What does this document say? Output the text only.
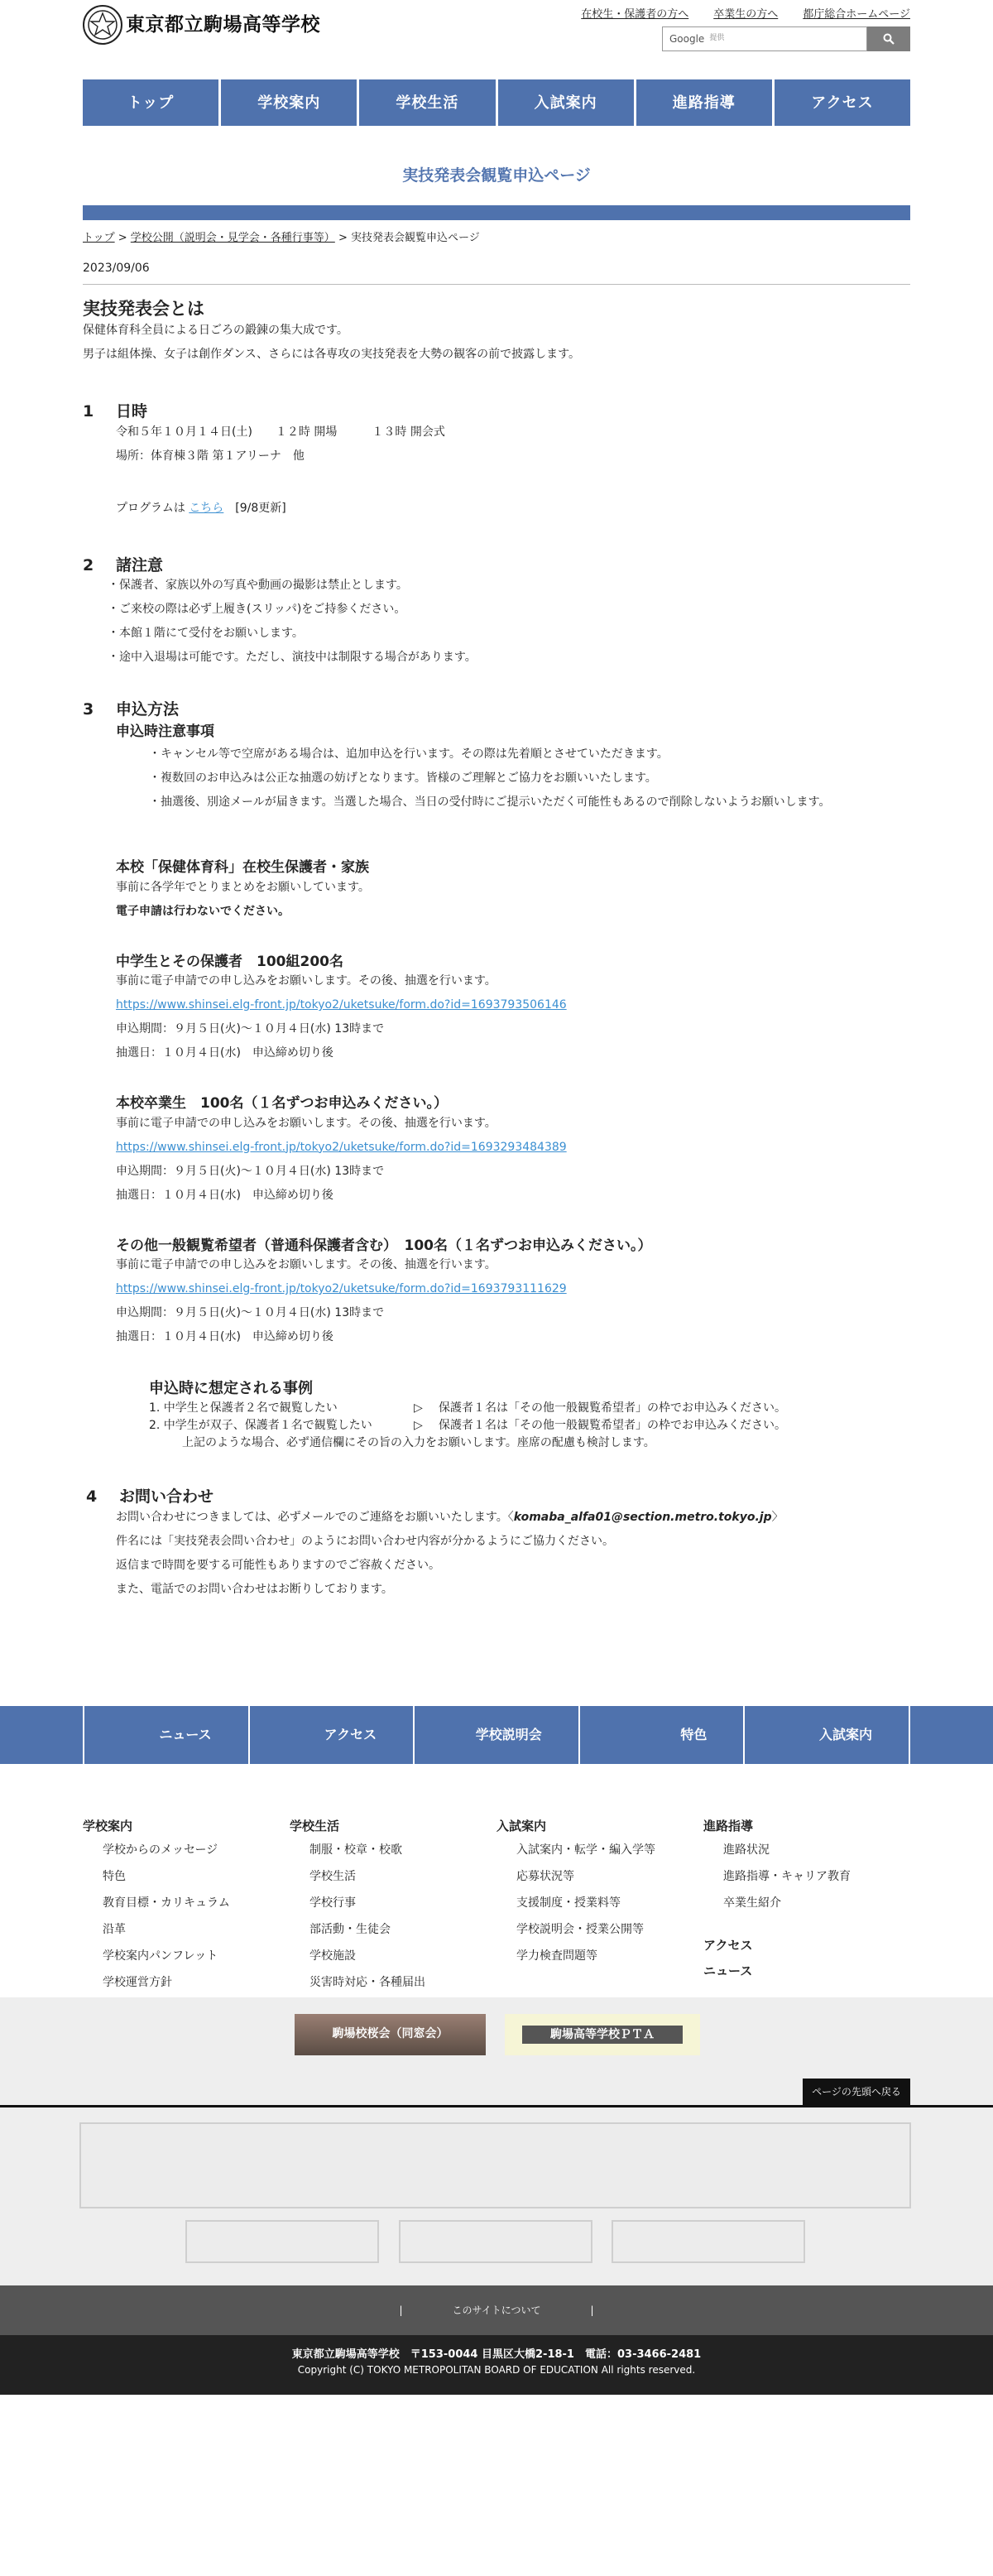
東京都立駒場高等学校	在校生・保護者の方へ 卒業生の方へ 都庁総合ホームページ
Google 提供
トップ	学校案内	学校生活	入試案内	進路指導	アクセス
実技発表会観覧申込ページ
トップ > 学校公開（説明会・見学会・各種行事等） > 実技発表会観覧申込ページ
2023/09/06
実技発表会とは
保健体育科全員による日ごろの鍛錬の集大成です。
男子は組体操、女子は創作ダンス、さらには各専攻の実技発表を大勢の観客の前で披露します。
1	日時
令和５年１０月１４日(土)　　１２時 開場　　　１３時 開会式
場所：体育棟３階 第１アリーナ　他
プログラムは こちら　[9/8更新]
2	諸注意
・保護者、家族以外の写真や動画の撮影は禁止とします。
・ご来校の際は必ず上履き(スリッパ)をご持参ください。
・本館１階にて受付をお願いします。
・途中入退場は可能です。ただし、演技中は制限する場合があります。
3	申込方法
申込時注意事項
・キャンセル等で空席がある場合は、追加申込を行います。その際は先着順とさせていただきます。
・複数回のお申込みは公正な抽選の妨げとなります。皆様のご理解とご協力をお願いいたします。
・抽選後、別途メールが届きます。当選した場合、当日の受付時にご提示いただく可能性もあるので削除しないようお願いします。
本校「保健体育科」在校生保護者・家族
事前に各学年でとりまとめをお願いしています。
電子申請は行わないでください。
中学生とその保護者　100組200名
事前に電子申請での申し込みをお願いします。その後、抽選を行います。
https://www.shinsei.elg-front.jp/tokyo2/uketsuke/form.do?id=1693793506146
申込期間：９月５日(火)～１０月４日(水) 13時まで
抽選日：１０月４日(水)　申込締め切り後
本校卒業生　100名（１名ずつお申込みください。）
事前に電子申請での申し込みをお願いします。その後、抽選を行います。
https://www.shinsei.elg-front.jp/tokyo2/uketsuke/form.do?id=1693293484389
申込期間：９月５日(火)～１０月４日(水) 13時まで
抽選日：１０月４日(水)　申込締め切り後
その他一般観覧希望者（普通科保護者含む）　100名（１名ずつお申込みください。）
事前に電子申請での申し込みをお願いします。その後、抽選を行います。
https://www.shinsei.elg-front.jp/tokyo2/uketsuke/form.do?id=1693793111629
申込期間：９月５日(火)～１０月４日(水) 13時まで
抽選日：１０月４日(水)　申込締め切り後
申込時に想定される事例
1. 中学生と保護者２名で観覧したい	▷	保護者１名は「その他一般観覧希望者」の枠でお申込みください。
2. 中学生が双子、保護者１名で観覧したい	▷	保護者１名は「その他一般観覧希望者」の枠でお申込みください。
上記のような場合、必ず通信欄にその旨の入力をお願いします。座席の配慮も検討します。
4	お問い合わせ
お問い合わせにつきましては、必ずメールでのご連絡をお願いいたします。〈komaba_alfa01@section.metro.tokyo.jp〉
件名には「実技発表会問い合わせ」のようにお問い合わせ内容が分かるようにご協力ください。
返信まで時間を要する可能性もありますのでご容赦ください。
また、電話でのお問い合わせはお断りしております。
ニュース	アクセス	学校説明会	特色	入試案内
学校案内
学校からのメッセージ
特色
教育目標・カリキュラム
沿革
学校案内パンフレット
学校運営方針
学校生活
制服・校章・校歌
学校生活
学校行事
部活動・生徒会
学校施設
災害時対応・各種届出
入試案内
入試案内・転学・編入学等
応募状況等
支援制度・授業料等
学校説明会・授業公開等
学力検査問題等
進路指導
進路状況
進路指導・キャリア教育
卒業生紹介
アクセス
ニュース
駒場校桜会（同窓会）	駒場高等学校ＰＴＡ
ページの先頭へ戻る
|	このサイトについて	|
東京都立駒場高等学校　〒153-0044 目黒区大橋2-18-1　電話：03-3466-2481
Copyright (C) TOKYO METROPOLITAN BOARD OF EDUCATION All rights reserved.
